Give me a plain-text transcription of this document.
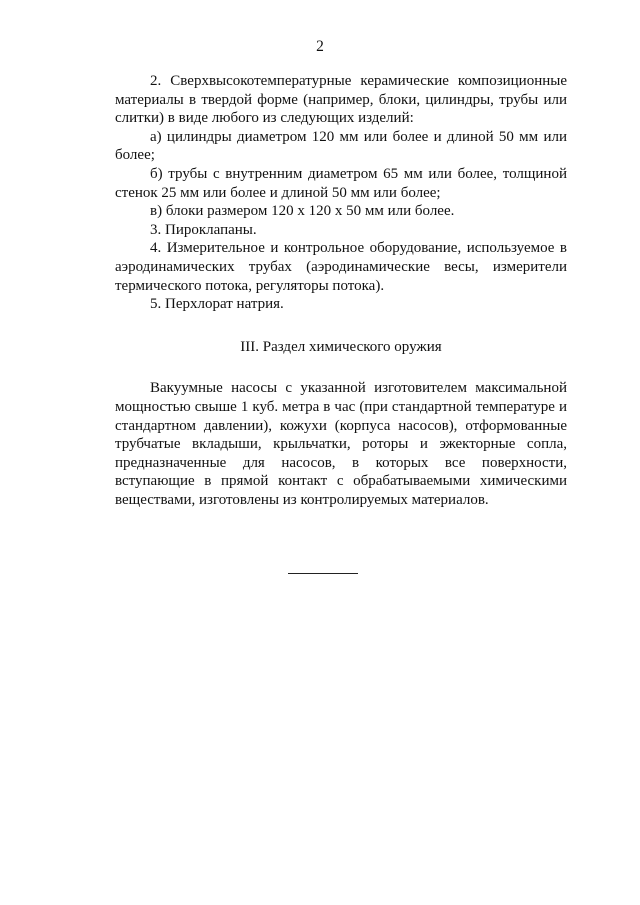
2

2. Сверхвысокотемпературные керамические композиционные материалы в твердой форме (например, блоки, цилиндры, трубы или слитки) в виде любого из следующих изделий:

а) цилиндры диаметром 120 мм или более и длиной 50 мм или более;

б) трубы с внутренним диаметром 65 мм или более, толщиной стенок 25 мм или более и длиной 50 мм или более;

в) блоки размером 120 x 120 x 50 мм или более.

3. Пироклапаны.

4. Измерительное и контрольное оборудование, используемое в аэродинамических трубах (аэродинамические весы, измерители термического потока, регуляторы потока).

5. Перхлорат натрия.

III. Раздел химического оружия

Вакуумные насосы с указанной изготовителем максимальной мощностью свыше 1 куб. метра в час (при стандартной температуре и стандартном давлении), кожухи (корпуса насосов), отформованные трубчатые вкладыши, крыльчатки, роторы и эжекторные сопла, предназначенные для насосов, в которых все поверхности, вступающие в прямой контакт с обрабатываемыми химическими веществами, изготовлены из контролируемых материалов.
